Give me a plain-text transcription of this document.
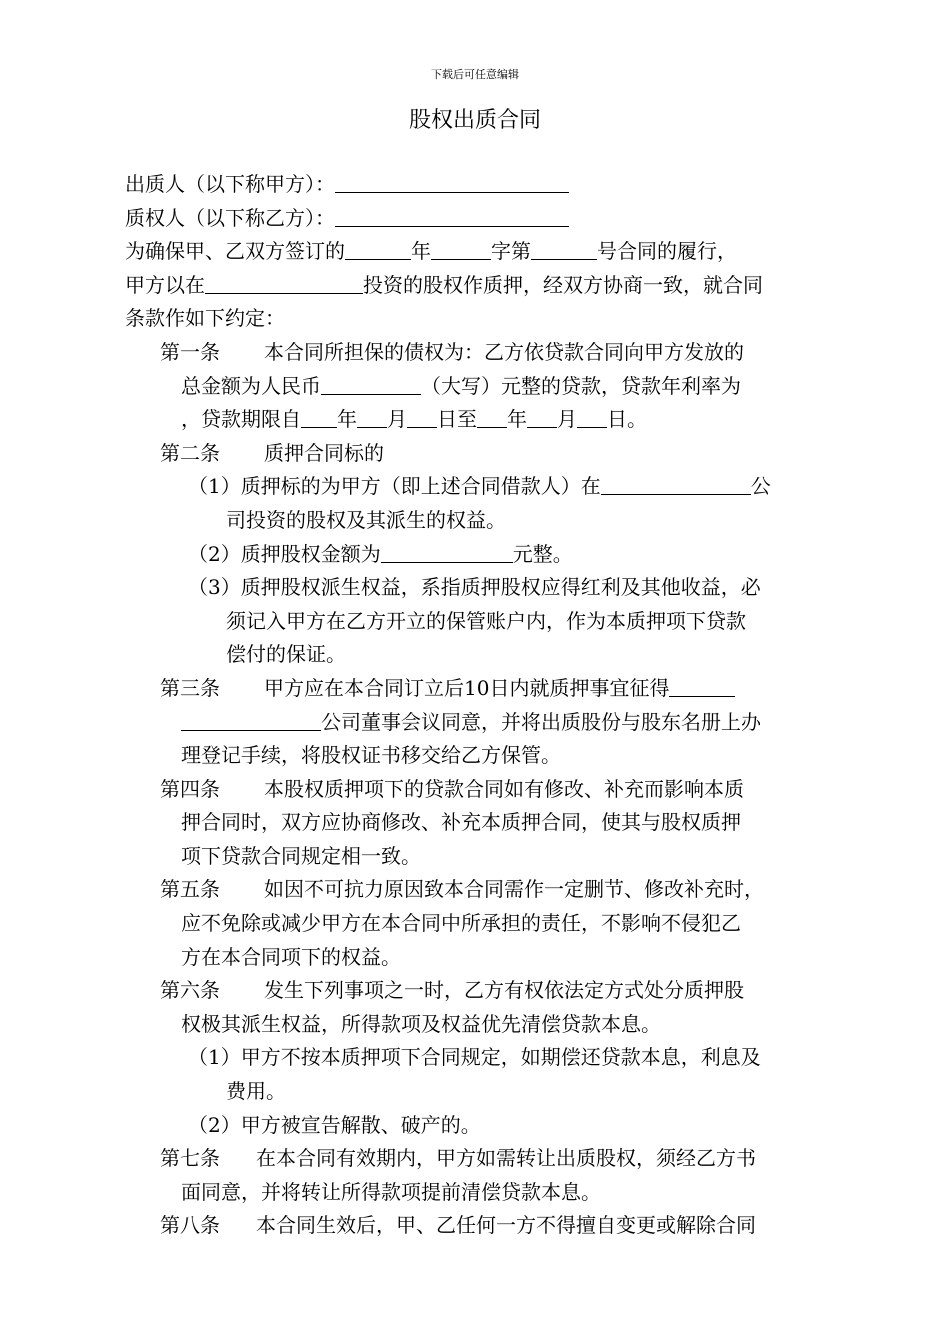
下载后可任意编辑
股权出质合同
出质人（以下称甲方）：
质权人（以下称乙方）：
为确保甲、乙双方签订的	年	字第	号合同的履行，
甲方以在	投资的股权作质押，经双方协商一致，就合同
条款作如下约定：
第一条 本合同所担保的债权为：乙方依贷款合同向甲方发放的
总金额为人民币	（大写）元整的贷款，贷款年利率为
，贷款期限自 年 月 日至 年 月 日。
第二条 质押合同标的
（1）质押标的为甲方（即上述合同借款人）在	公
司投资的股权及其派生的权益。
（2）质押股权金额为	元整。
（3）质押股权派生权益，系指质押股权应得红利及其他收益，必
须记入甲方在乙方开立的保管账户内，作为本质押项下贷款
偿付的保证。
第三条 甲方应在本合同订立后10日内就质押事宜征得
公司董事会议同意，并将出质股份与股东名册上办
理登记手续，将股权证书移交给乙方保管。
第四条 本股权质押项下的贷款合同如有修改、补充而影响本质
押合同时，双方应协商修改、补充本质押合同，使其与股权质押
项下贷款合同规定相一致。
第五条 如因不可抗力原因致本合同需作一定删节、修改补充时，
应不免除或减少甲方在本合同中所承担的责任，不影响不侵犯乙
方在本合同项下的权益。
第六条 发生下列事项之一时，乙方有权依法定方式处分质押股
权极其派生权益，所得款项及权益优先清偿贷款本息。
（1）甲方不按本质押项下合同规定，如期偿还贷款本息，利息及
费用。
（2）甲方被宣告解散、破产的。
第七条 在本合同有效期内，甲方如需转让出质股权，须经乙方书
面同意，并将转让所得款项提前清偿贷款本息。
第八条 本合同生效后，甲、乙任何一方不得擅自变更或解除合同
